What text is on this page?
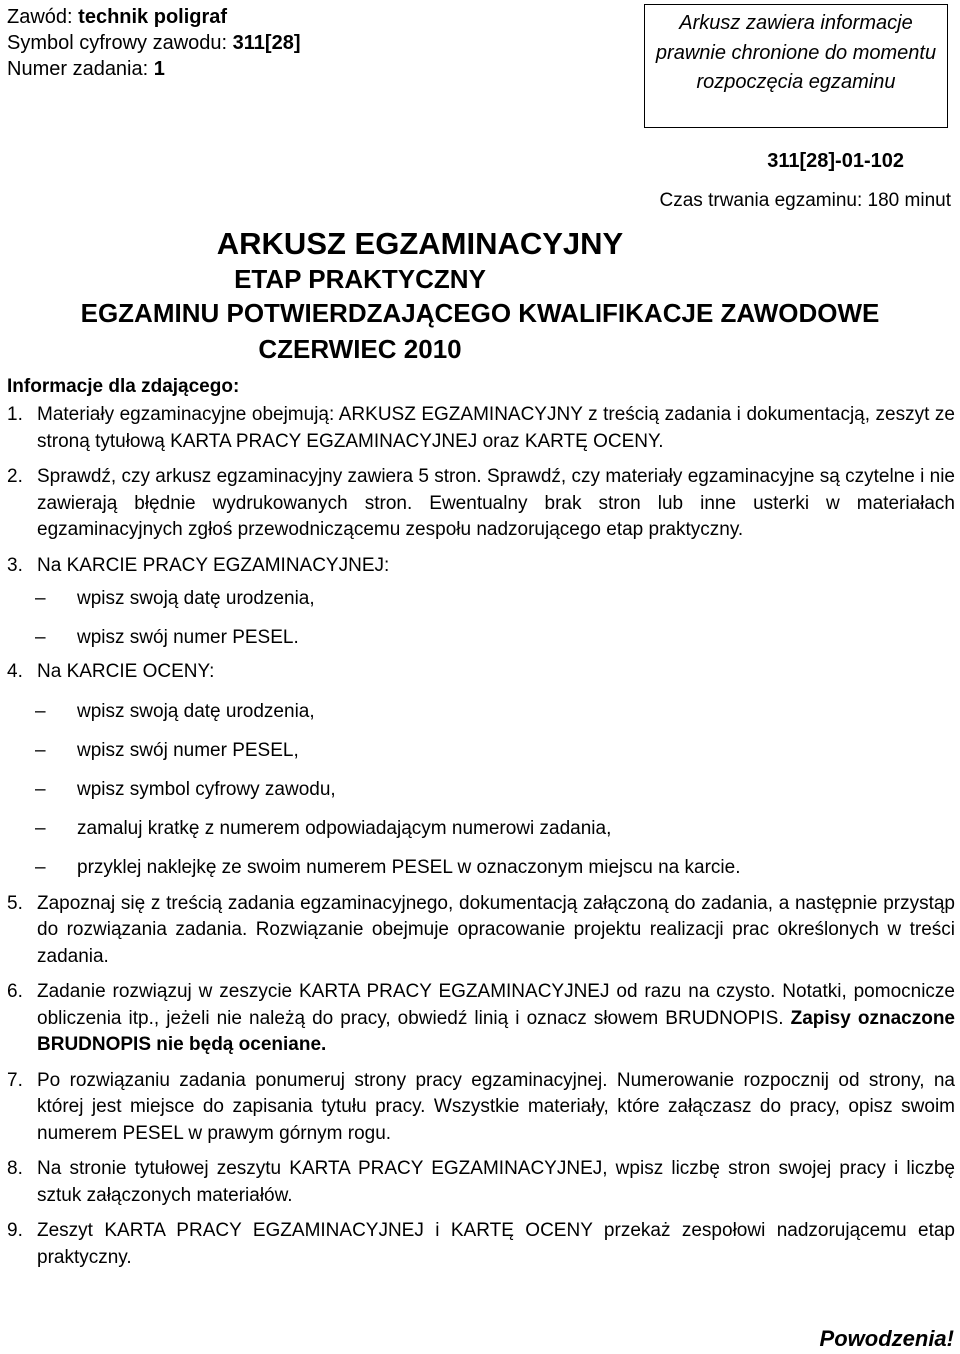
Zawód: technik poligraf
Symbol cyfrowy zawodu: 311[28]
Numer zadania: 1
Arkusz zawiera informacje prawnie chronione do momentu rozpoczęcia egzaminu
311[28]-01-102
Czas trwania egzaminu: 180 minut
ARKUSZ EGZAMINACYJNY
ETAP PRAKTYCZNY
EGZAMINU POTWIERDZAJĄCEGO KWALIFIKACJE ZAWODOWE
CZERWIEC 2010
Informacje dla zdającego:
1. Materiały egzaminacyjne obejmują: ARKUSZ EGZAMINACYJNY z treścią zadania i dokumentacją, zeszyt ze stroną tytułową KARTA PRACY EGZAMINACYJNEJ oraz KARTĘ OCENY.
2. Sprawdź, czy arkusz egzaminacyjny zawiera 5 stron. Sprawdź, czy materiały egzaminacyjne są czytelne i nie zawierają błędnie wydrukowanych stron. Ewentualny brak stron lub inne usterki w materiałach egzaminacyjnych zgłoś przewodniczącemu zespołu nadzorującego etap praktyczny.
3. Na KARCIE PRACY EGZAMINACYJNEJ:
– wpisz swoją datę urodzenia,
– wpisz swój numer PESEL.
4. Na KARCIE OCENY:
– wpisz swoją datę urodzenia,
– wpisz swój numer PESEL,
– wpisz symbol cyfrowy zawodu,
– zamaluj kratkę z numerem odpowiadającym numerowi zadania,
– przyklej naklejkę ze swoim numerem PESEL w oznaczonym miejscu na karcie.
5. Zapoznaj się z treścią zadania egzaminacyjnego, dokumentacją załączoną do zadania, a następnie przystąp do rozwiązania zadania. Rozwiązanie obejmuje opracowanie projektu realizacji prac określonych w treści zadania.
6. Zadanie rozwiązuj w zeszycie KARTA PRACY EGZAMINACYJNEJ od razu na czysto. Notatki, pomocnicze obliczenia itp., jeżeli nie należą do pracy, obwiedź linią i oznacz słowem BRUDNOPIS. Zapisy oznaczone BRUDNOPIS nie będą oceniane.
7. Po rozwiązaniu zadania ponumeruj strony pracy egzaminacyjnej. Numerowanie rozpocznij od strony, na której jest miejsce do zapisania tytułu pracy. Wszystkie materiały, które załączasz do pracy, opisz swoim numerem PESEL w prawym górnym rogu.
8. Na stronie tytułowej zeszytu KARTA PRACY EGZAMINACYJNEJ, wpisz liczbę stron swojej pracy i liczbę sztuk załączonych materiałów.
9. Zeszyt KARTA PRACY EGZAMINACYJNEJ i KARTĘ OCENY przekaż zespołowi nadzorującemu etap praktyczny.
Powodzenia!
